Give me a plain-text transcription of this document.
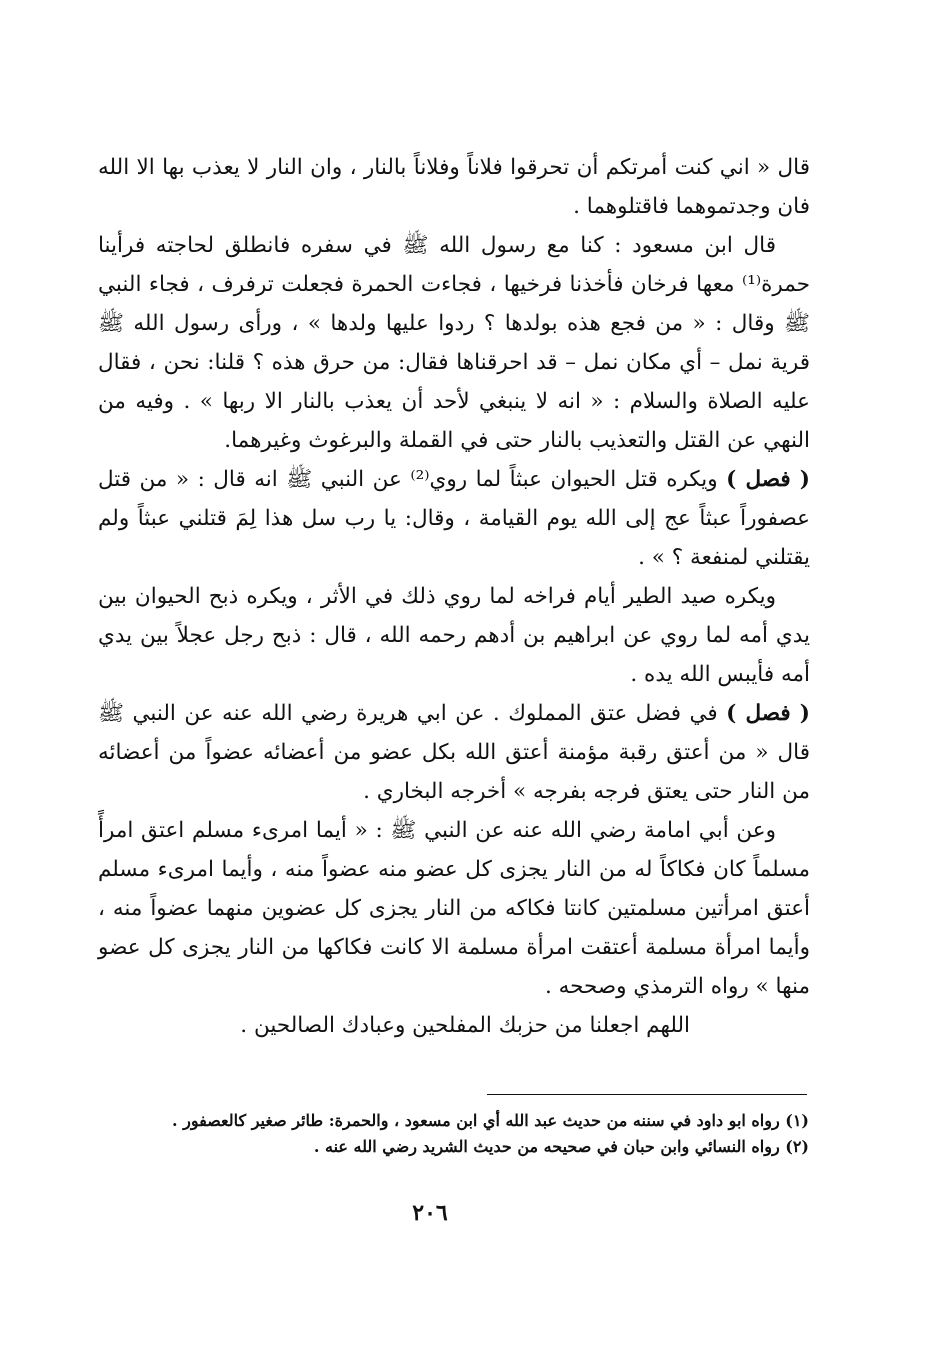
قال « اني كنت أمرتكم أن تحرقوا فلاناً وفلاناً بالنار ، وان النار لا يعذب بها الا الله فان وجدتموهما فاقتلوهما .

قال ابن مسعود : كنا مع رسول الله ﷺ في سفره فانطلق لحاجته فرأينا حمرة⁽¹⁾ معها فرخان فأخذنا فرخيها ، فجاءت الحمرة فجعلت ترفرف ، فجاء النبي ﷺ وقال : « من فجع هذه بولدها ؟ ردوا عليها ولدها » ، ورأى رسول الله ﷺ قرية نمل – أي مكان نمل – قد احرقناها فقال: من حرق هذه ؟ قلنا: نحن ، فقال عليه الصلاة والسلام : « انه لا ينبغي لأحد أن يعذب بالنار الا ربها » . وفيه من النهي عن القتل والتعذيب بالنار حتى في القملة والبرغوث وغيرهما.

( فصل ) ويكره قتل الحيوان عبثاً لما روي⁽²⁾ عن النبي ﷺ انه قال : « من قتل عصفوراً عبثاً عج إلى الله يوم القيامة ، وقال: يا رب سل هذا لِمَ قتلني عبثاً ولم يقتلني لمنفعة ؟ » .

ويكره صيد الطير أيام فراخه لما روي ذلك في الأثر ، ويكره ذبح الحيوان بين يدي أمه لما روي عن ابراهيم بن أدهم رحمه الله ، قال : ذبح رجل عجلاً بين يدي أمه فأيبس الله يده .

( فصل ) في فضل عتق المملوك . عن ابي هريرة رضي الله عنه عن النبي ﷺ قال « من أعتق رقبة مؤمنة أعتق الله بكل عضو من أعضائه عضواً من أعضائه من النار حتى يعتق فرجه بفرجه » أخرجه البخاري .

وعن أبي امامة رضي الله عنه عن النبي ﷺ : « أيما امرىء مسلم اعتق امرأً مسلماً كان فكاكاً له من النار يجزى كل عضو منه عضواً منه ، وأيما امرىء مسلم أعتق امرأتين مسلمتين كانتا فكاكه من النار يجزى كل عضوين منهما عضواً منه ، وأيما امرأة مسلمة أعتقت امرأة مسلمة الا كانت فكاكها من النار يجزى كل عضو منها » رواه الترمذي وصححه .

اللهم اجعلنا من حزبك المفلحين وعبادك الصالحين .

(١) رواه ابو داود في سننه من حديث عبد الله أي ابن مسعود ، والحمرة: طائر صغير كالعصفور .

(٢) رواه النسائي وابن حبان في صحيحه من حديث الشريد رضي الله عنه .

٢٠٦
